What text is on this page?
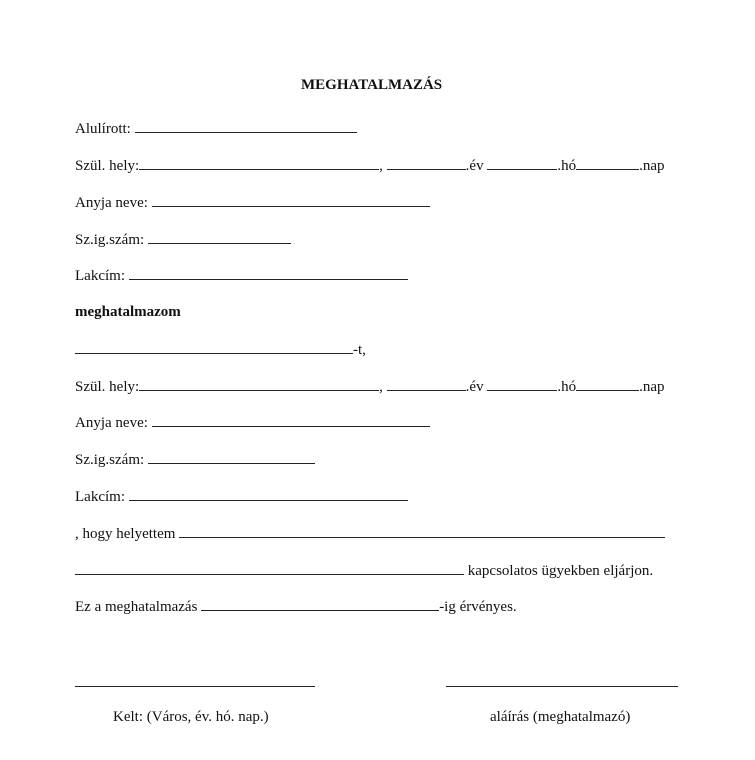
MEGHATALMAZÁS
Alulírott:
Szül. hely:	,	.év	.hó	.nap
Anyja neve:
Sz.ig.szám:
Lakcím:
meghatalmazom
-t,
Szül. hely:	,	.év	.hó	.nap
Anyja neve:
Sz.ig.szám:
Lakcím:
, hogy helyettem
kapcsolatos ügyekben eljárjon.
Ez a meghatalmazás	-ig érvényes.
Kelt: (Város, év. hó. nap.)	aláírás (meghatalmazó)
